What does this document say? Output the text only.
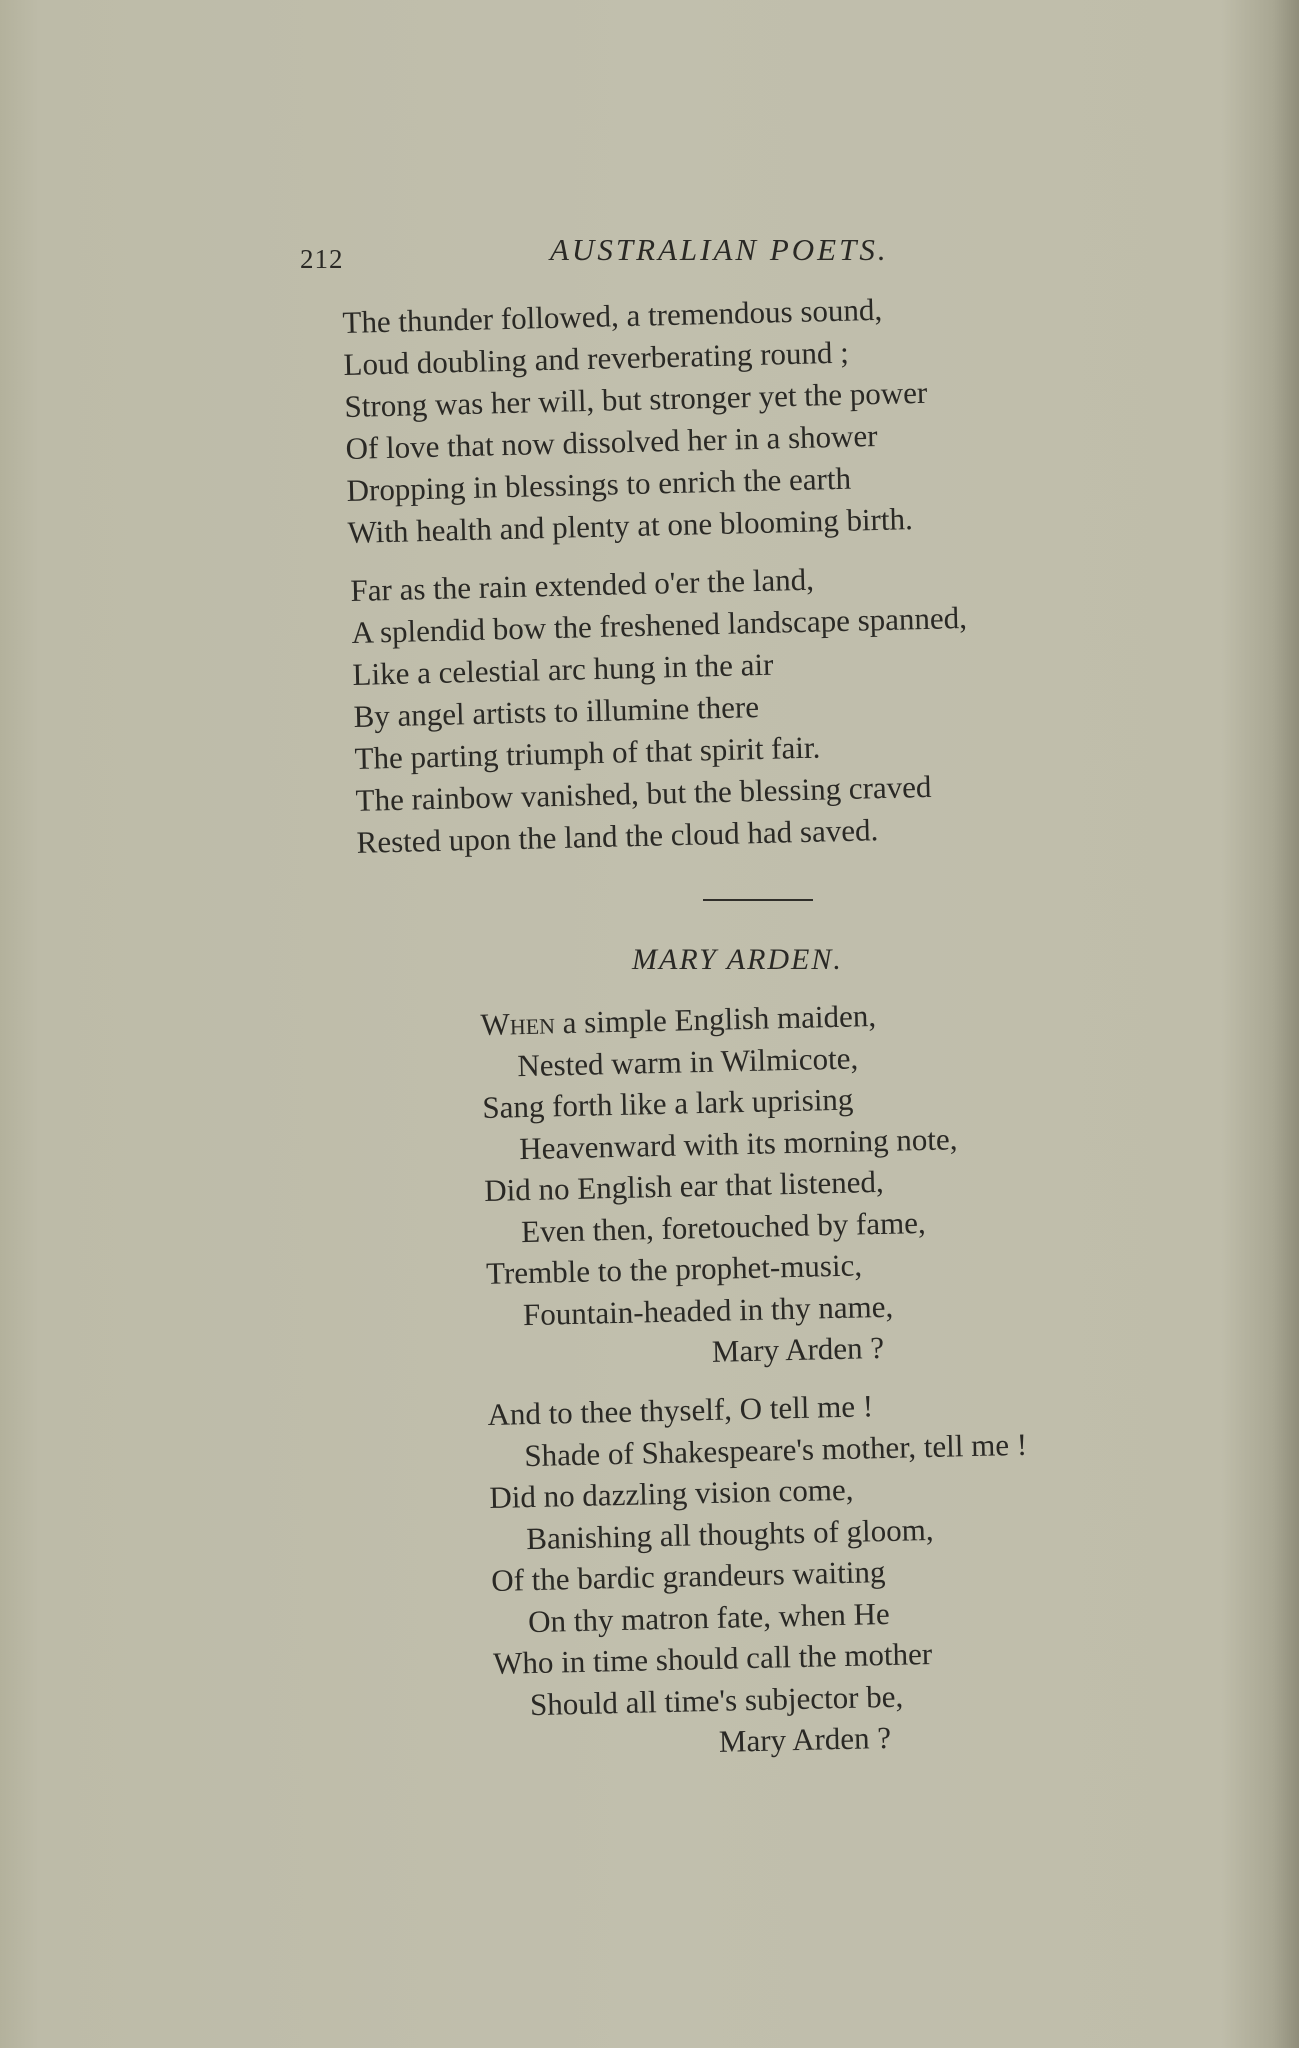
212	AUSTRALIAN POETS.
The thunder followed, a tremendous sound,
Loud doubling and reverberating round ;
Strong was her will, but stronger yet the power
Of love that now dissolved her in a shower
Dropping in blessings to enrich the earth
With health and plenty at one blooming birth.
Far as the rain extended o'er the land,
A splendid bow the freshened landscape spanned,
Like a celestial arc hung in the air
By angel artists to illumine there
The parting triumph of that spirit fair.
The rainbow vanished, but the blessing craved
Rested upon the land the cloud had saved.
MARY ARDEN.
When a simple English maiden,
Nested warm in Wilmicote,
Sang forth like a lark uprising
Heavenward with its morning note,
Did no English ear that listened,
Even then, foretouched by fame,
Tremble to the prophet-music,
Fountain-headed in thy name,
Mary Arden ?
And to thee thyself, O tell me !
Shade of Shakespeare's mother, tell me !
Did no dazzling vision come,
Banishing all thoughts of gloom,
Of the bardic grandeurs waiting
On thy matron fate, when He
Who in time should call the mother
Should all time's subjector be,
Mary Arden ?
